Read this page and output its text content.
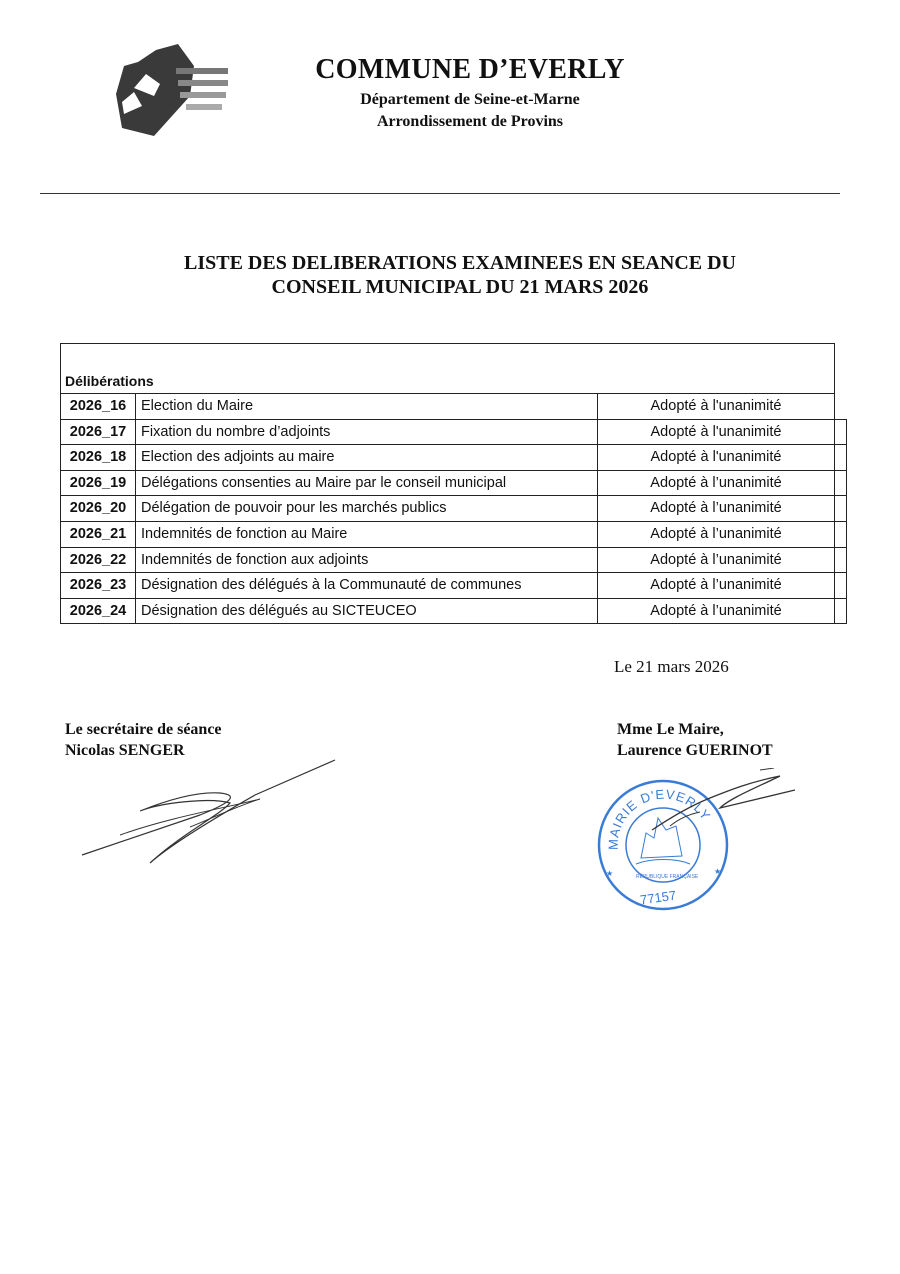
COMMUNE D’EVERLY
Département de Seine-et-Marne
Arrondissement de Provins
LISTE DES DELIBERATIONS EXAMINEES EN SEANCE DU
CONSEIL MUNICIPAL DU 21 MARS 2026
Délibérations
2026_16	Election du Maire	Adopté à l'unanimité
2026_17	Fixation du nombre d’adjoints	Adopté à l'unanimité
2026_18	Election des adjoints au maire	Adopté à l'unanimité
2026_19	Délégations consenties au Maire par le conseil municipal	Adopté à l’unanimité
2026_20	Délégation de pouvoir pour les marchés publics	Adopté à l’unanimité
2026_21	Indemnités de fonction au Maire	Adopté à l’unanimité
2026_22	Indemnités de fonction aux adjoints	Adopté à l’unanimité
2026_23	Désignation des délégués à la Communauté de communes	Adopté à l’unanimité
2026_24	Désignation des délégués au SICTEUCEO	Adopté à l’unanimité
Le 21 mars 2026
Le secrétaire de séance
Nicolas SENGER
Mme Le Maire,
Laurence GUERINOT
MAIRIE D'EVERLY
RÉPUBLIQUE FRANÇAISE
★	★
77157
